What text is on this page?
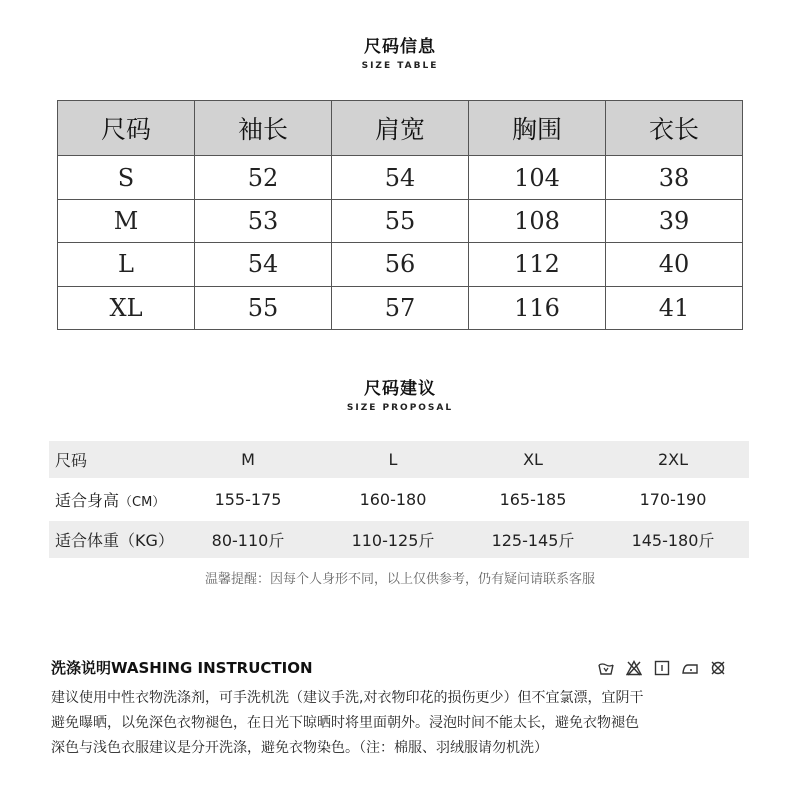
尺码信息
SIZE TABLE
尺码	袖长	肩宽	胸围	衣长
S	52	54	104	38
M	53	55	108	39
L	54	56	112	40
XL	55	57	116	41
尺码建议
SIZE PROPOSAL
尺码	M	L	XL	2XL
适合身高（CM）	155-175	160-180	165-185	170-190
适合体重（KG）	80-110斤	110-125斤	125-145斤	145-180斤
温馨提醒：因每个人身形不同，以上仅供参考，仍有疑问请联系客服
洗涤说明WASHING INSTRUCTION
建议使用中性衣物洗涤剂，可手洗机洗（建议手洗,对衣物印花的损伤更少）但不宜氯漂，宜阴干
避免曝晒，以免深色衣物褪色，在日光下晾晒时将里面朝外。浸泡时间不能太长，避免衣物褪色
深色与浅色衣服建议是分开洗涤，避免衣物染色。（注：棉服、羽绒服请勿机洗）
